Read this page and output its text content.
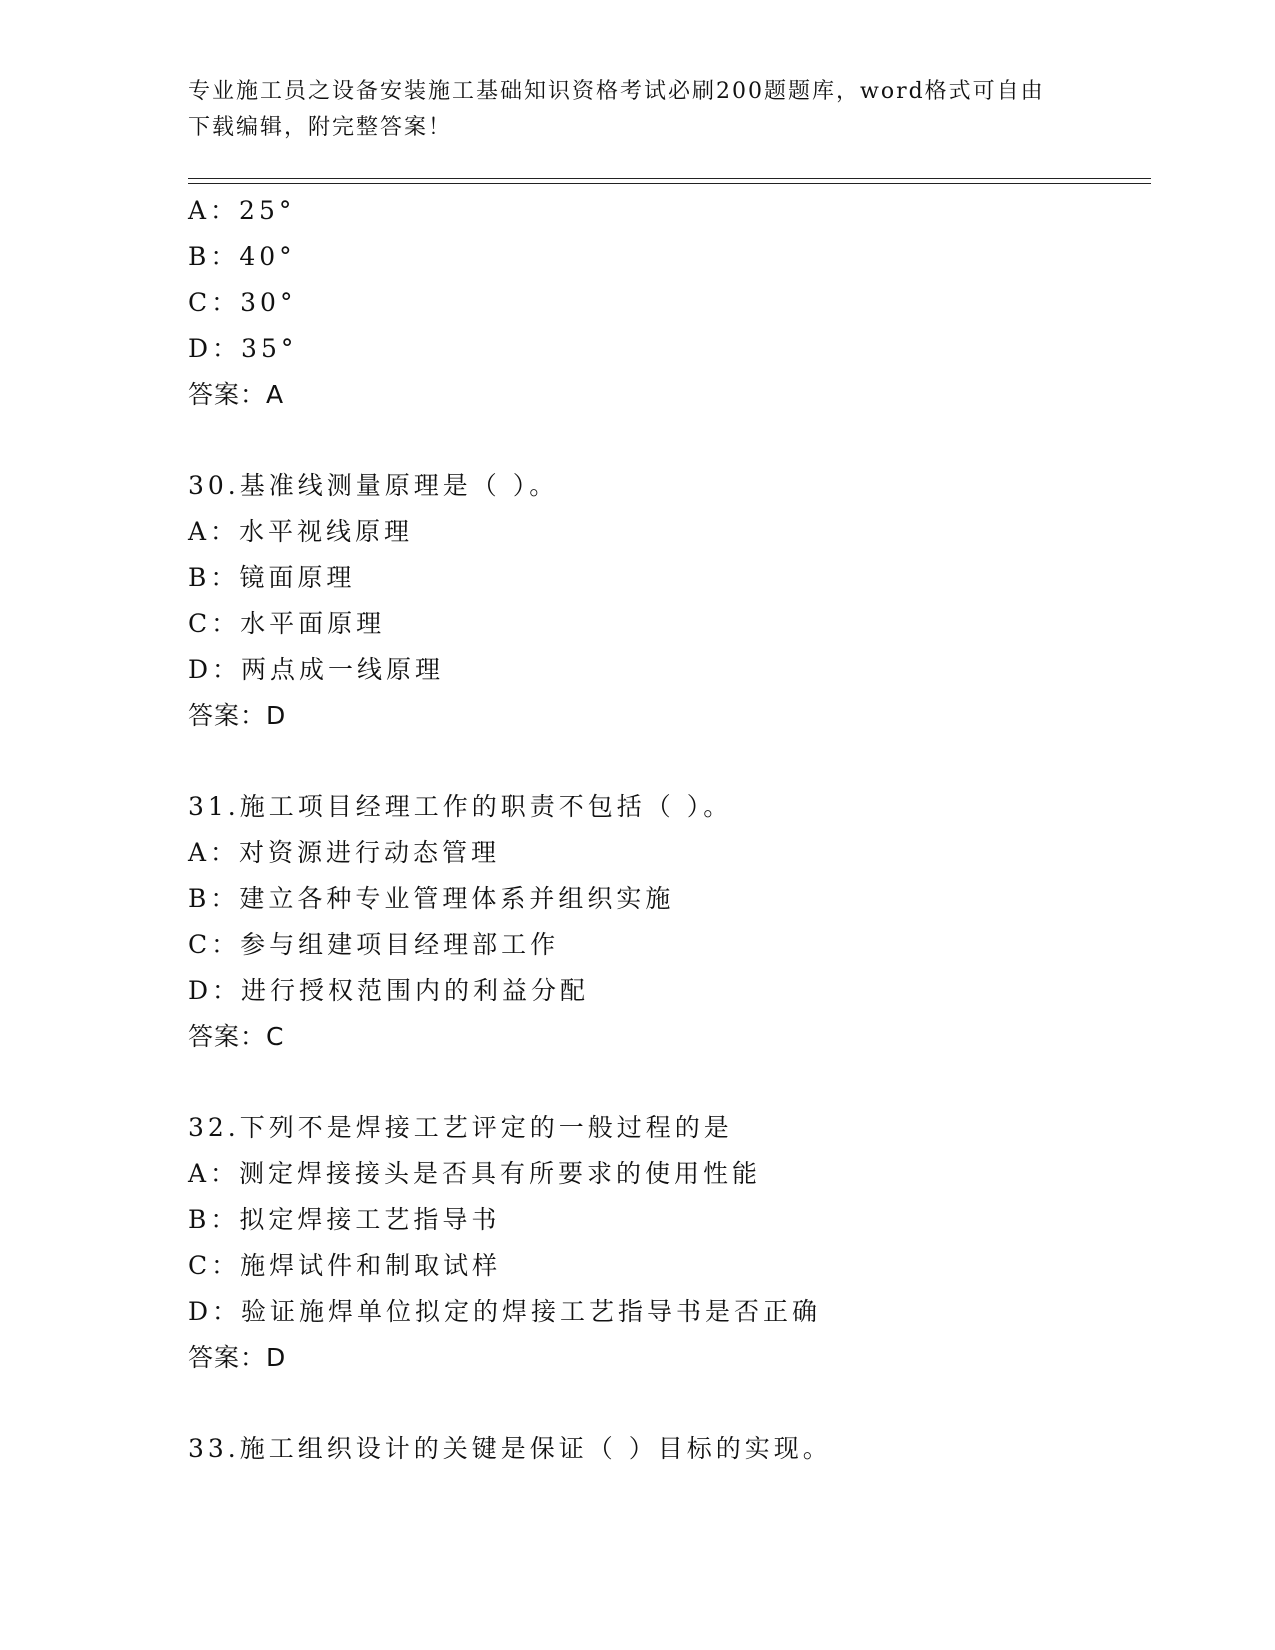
专业施工员之设备安装施工基础知识资格考试必刷200题题库，word格式可自由
下载编辑，附完整答案！
A：25°
B：40°
C：30°
D：35°
答案：A
30.基准线测量原理是（ ）。
A：水平视线原理
B：镜面原理
C：水平面原理
D：两点成一线原理
答案：D
31.施工项目经理工作的职责不包括（ ）。
A：对资源进行动态管理
B：建立各种专业管理体系并组织实施
C：参与组建项目经理部工作
D：进行授权范围内的利益分配
答案：C
32.下列不是焊接工艺评定的一般过程的是
A：测定焊接接头是否具有所要求的使用性能
B：拟定焊接工艺指导书
C：施焊试件和制取试样
D：验证施焊单位拟定的焊接工艺指导书是否正确
答案：D
33.施工组织设计的关键是保证（ ）目标的实现。
